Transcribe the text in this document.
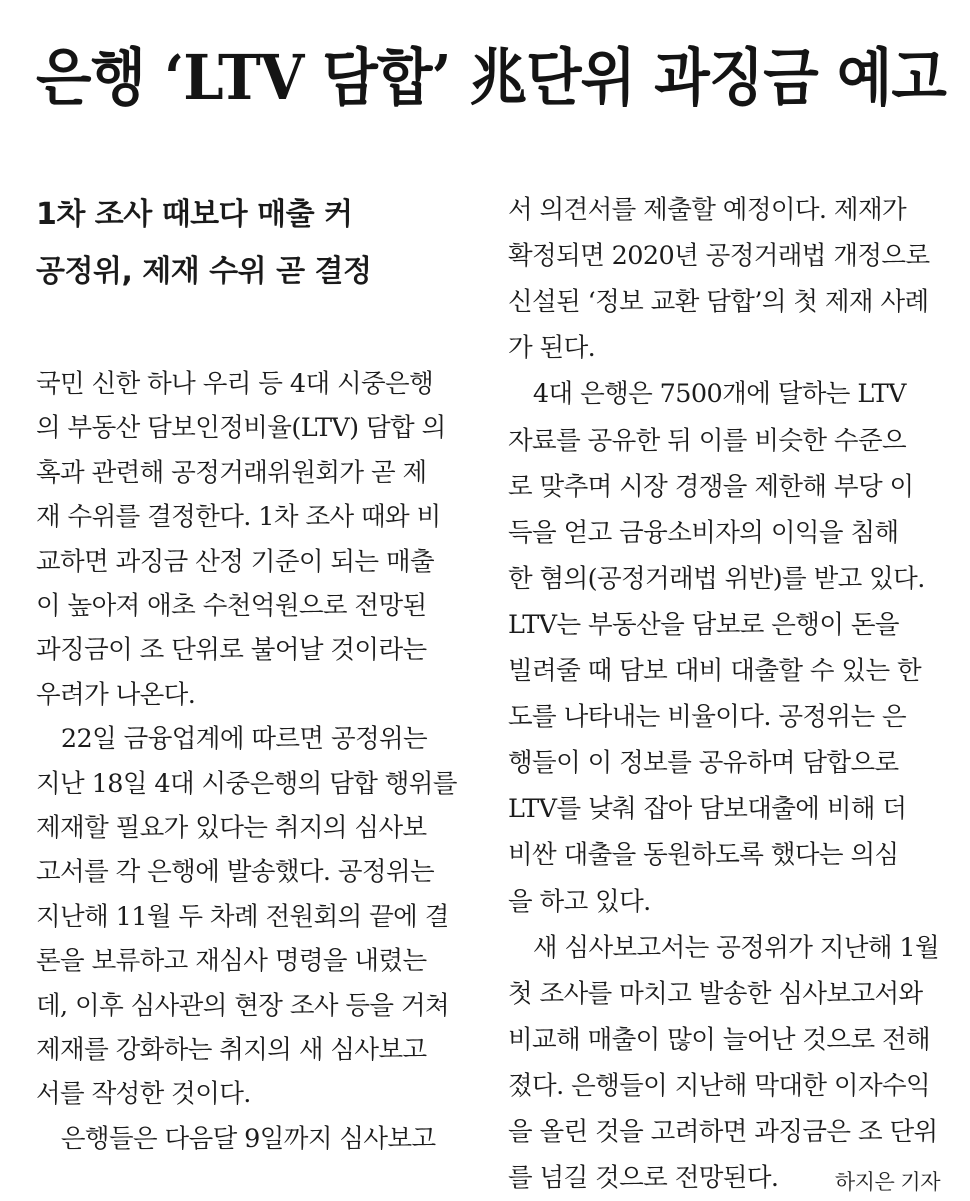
은행 ‘LTV 담합’ 兆단위 과징금 예고
1차 조사 때보다 매출 커
공정위, 제재 수위 곧 결정
국민 신한 하나 우리 등 4대 시중은행
의 부동산 담보인정비율(LTV) 담합 의
혹과 관련해 공정거래위원회가 곧 제
재 수위를 결정한다. 1차 조사 때와 비
교하면 과징금 산정 기준이 되는 매출
이 높아져 애초 수천억원으로 전망된
과징금이 조 단위로 불어날 것이라는
우려가 나온다.
　22일 금융업계에 따르면 공정위는
지난 18일 4대 시중은행의 담합 행위를
제재할 필요가 있다는 취지의 심사보
고서를 각 은행에 발송했다. 공정위는
지난해 11월 두 차례 전원회의 끝에 결
론을 보류하고 재심사 명령을 내렸는
데, 이후 심사관의 현장 조사 등을 거쳐
제재를 강화하는 취지의 새 심사보고
서를 작성한 것이다.
　은행들은 다음달 9일까지 심사보고
서 의견서를 제출할 예정이다. 제재가
확정되면 2020년 공정거래법 개정으로
신설된 ‘정보 교환 담합’의 첫 제재 사례
가 된다.
　4대 은행은 7500개에 달하는 LTV
자료를 공유한 뒤 이를 비슷한 수준으
로 맞추며 시장 경쟁을 제한해 부당 이
득을 얻고 금융소비자의 이익을 침해
한 혐의(공정거래법 위반)를 받고 있다.
LTV는 부동산을 담보로 은행이 돈을
빌려줄 때 담보 대비 대출할 수 있는 한
도를 나타내는 비율이다. 공정위는 은
행들이 이 정보를 공유하며 담합으로
LTV를 낮춰 잡아 담보대출에 비해 더
비싼 대출을 동원하도록 했다는 의심
을 하고 있다.
　새 심사보고서는 공정위가 지난해 1월
첫 조사를 마치고 발송한 심사보고서와
비교해 매출이 많이 늘어난 것으로 전해
졌다. 은행들이 지난해 막대한 이자수익
을 올린 것을 고려하면 과징금은 조 단위
를 넘길 것으로 전망된다.	하지은 기자
